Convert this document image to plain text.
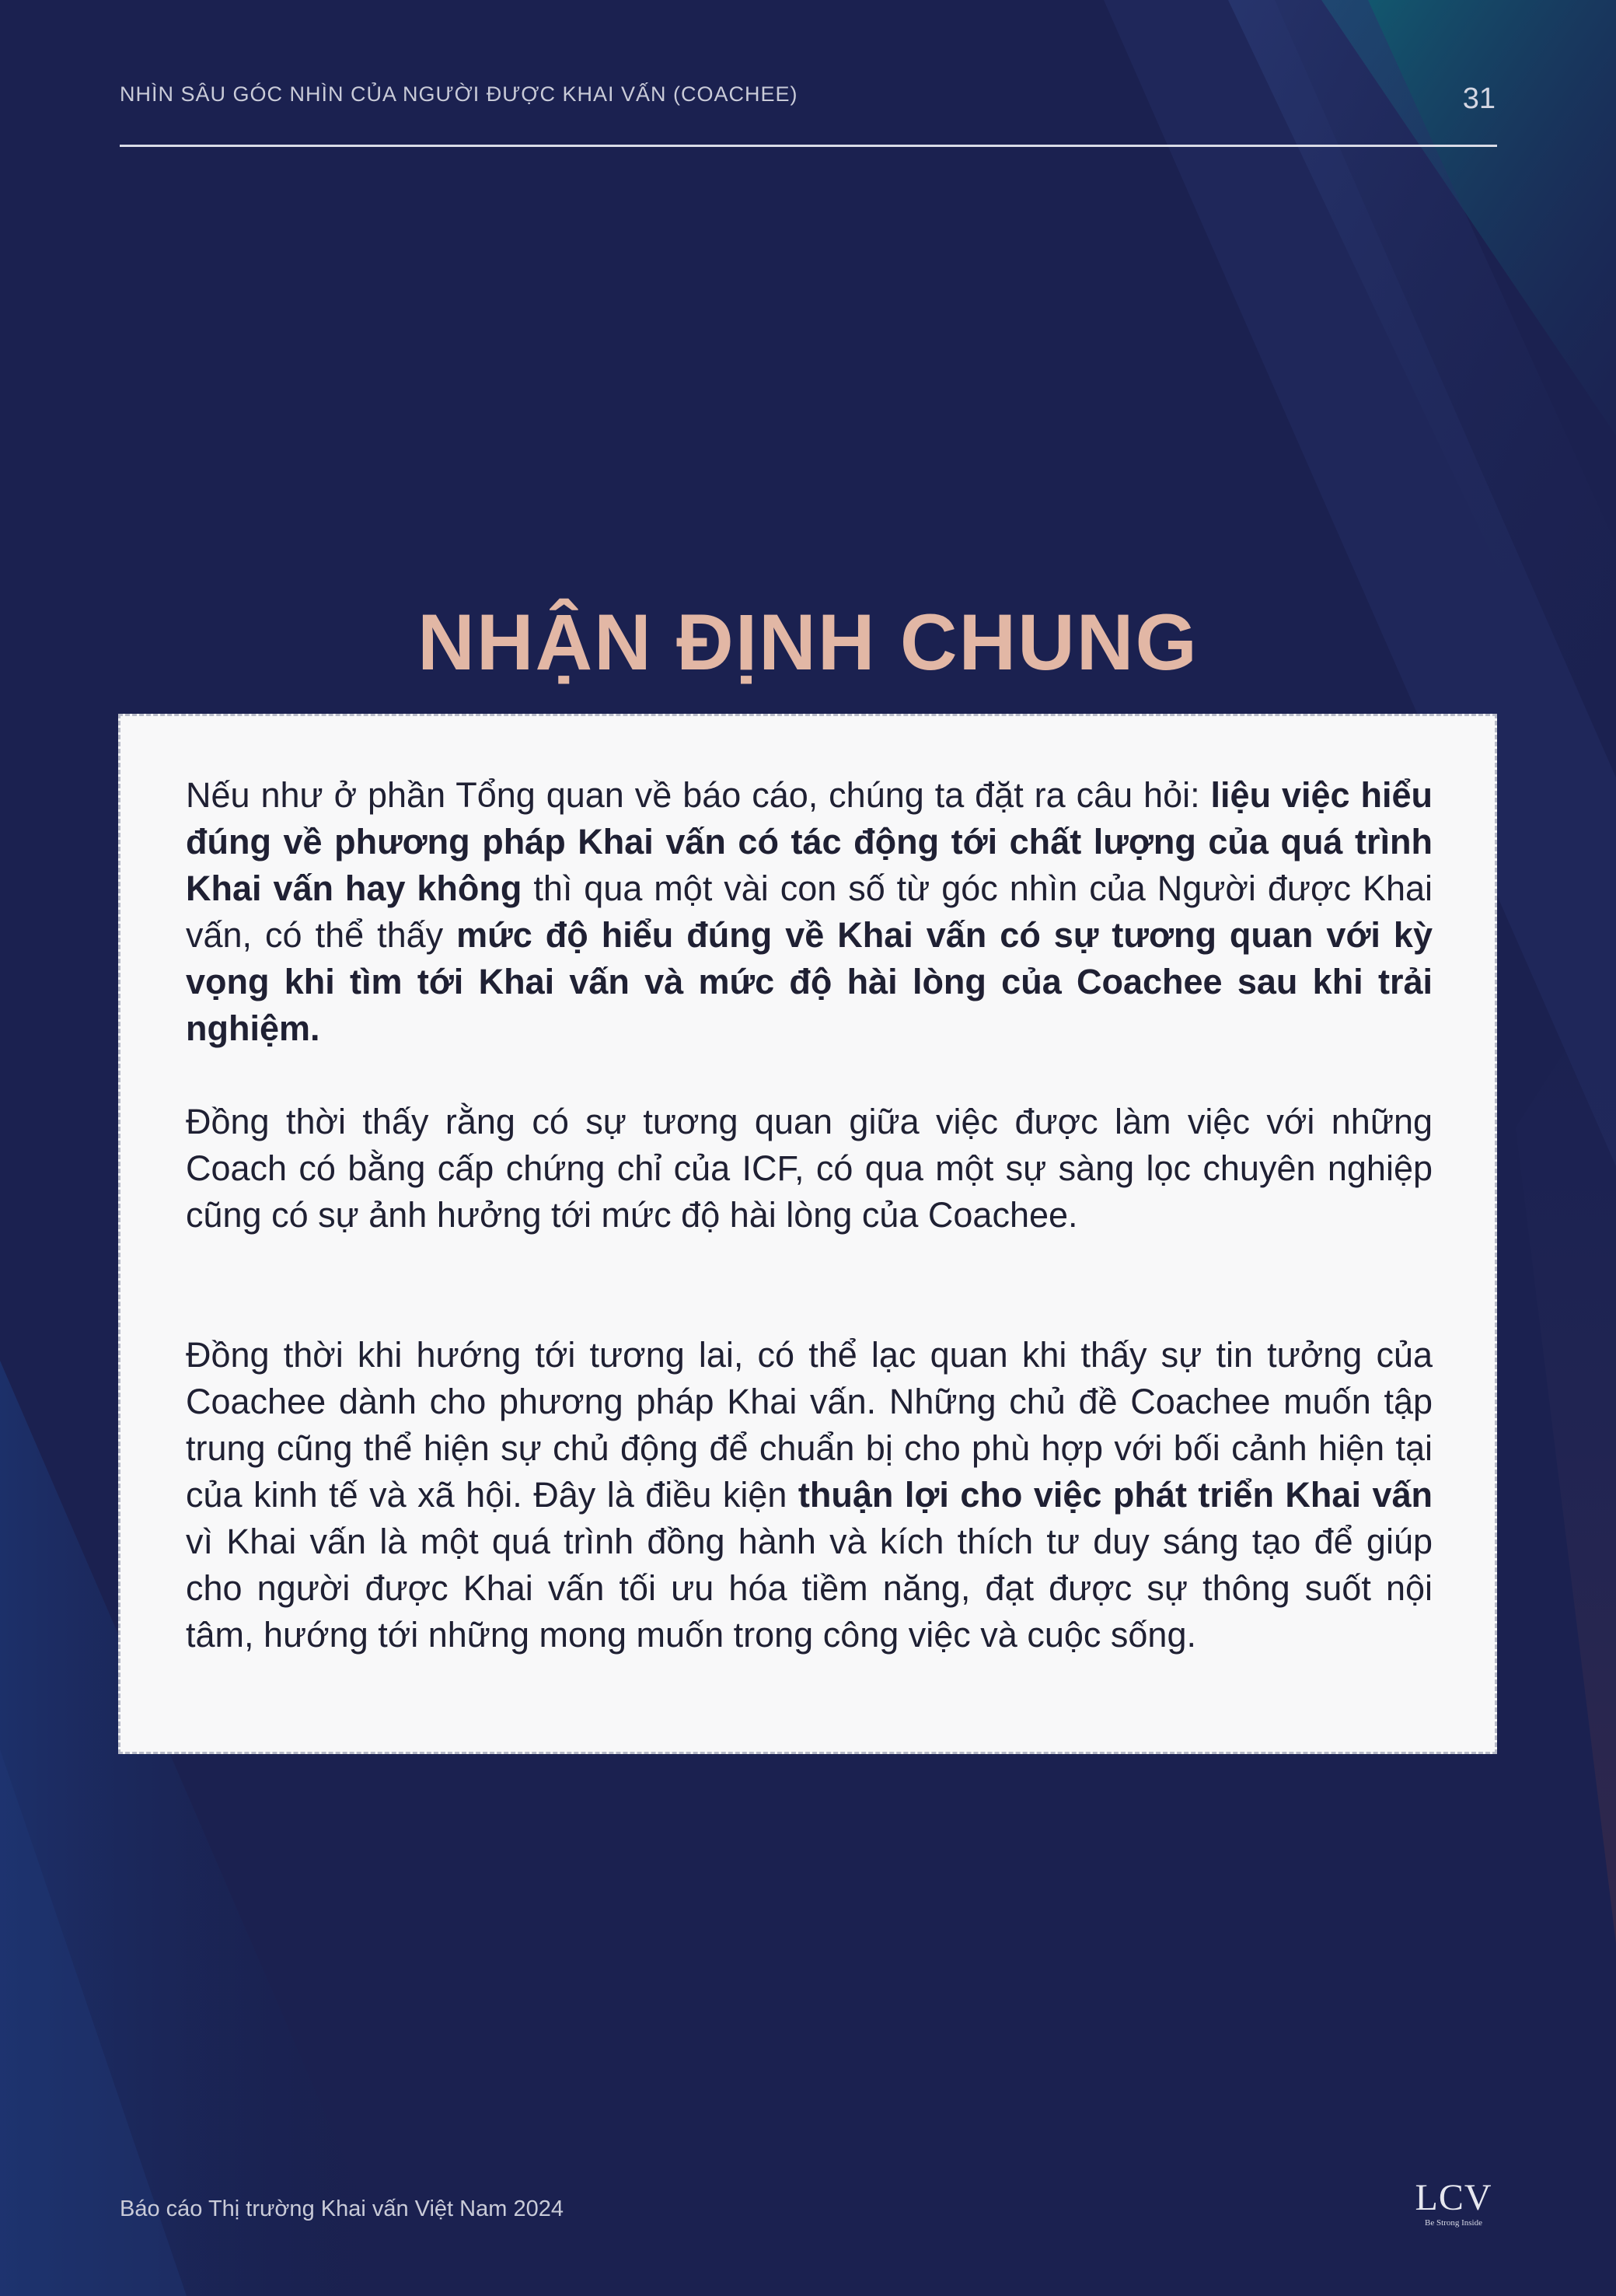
NHÌN SÂU GÓC NHÌN CỦA NGƯỜI ĐƯỢC KHAI VẤN (COACHEE)	31
NHẬN ĐỊNH CHUNG

Nếu như ở phần Tổng quan về báo cáo, chúng ta đặt ra câu hỏi: liệu việc hiểu đúng về phương pháp Khai vấn có tác động tới chất lượng của quá trình Khai vấn hay không thì qua một vài con số từ góc nhìn của Người được Khai vấn, có thể thấy mức độ hiểu đúng về Khai vấn có sự tương quan với kỳ vọng khi tìm tới Khai vấn và mức độ hài lòng của Coachee sau khi trải nghiệm.

Đồng thời thấy rằng có sự tương quan giữa việc được làm việc với những Coach có bằng cấp chứng chỉ của ICF, có qua một sự sàng lọc chuyên nghiệp cũng có sự ảnh hưởng tới mức độ hài lòng của Coachee.

Đồng thời khi hướng tới tương lai, có thể lạc quan khi thấy sự tin tưởng của Coachee dành cho phương pháp Khai vấn. Những chủ đề Coachee muốn tập trung cũng thể hiện sự chủ động để chuẩn bị cho phù hợp với bối cảnh hiện tại của kinh tế và xã hội. Đây là điều kiện thuận lợi cho việc phát triển Khai vấn vì Khai vấn là một quá trình đồng hành và kích thích tư duy sáng tạo để giúp cho người được Khai vấn tối ưu hóa tiềm năng, đạt được sự thông suốt nội tâm, hướng tới những mong muốn trong công việc và cuộc sống.

Báo cáo Thị trường Khai vấn Việt Nam 2024	LCV
Be Strong Inside
